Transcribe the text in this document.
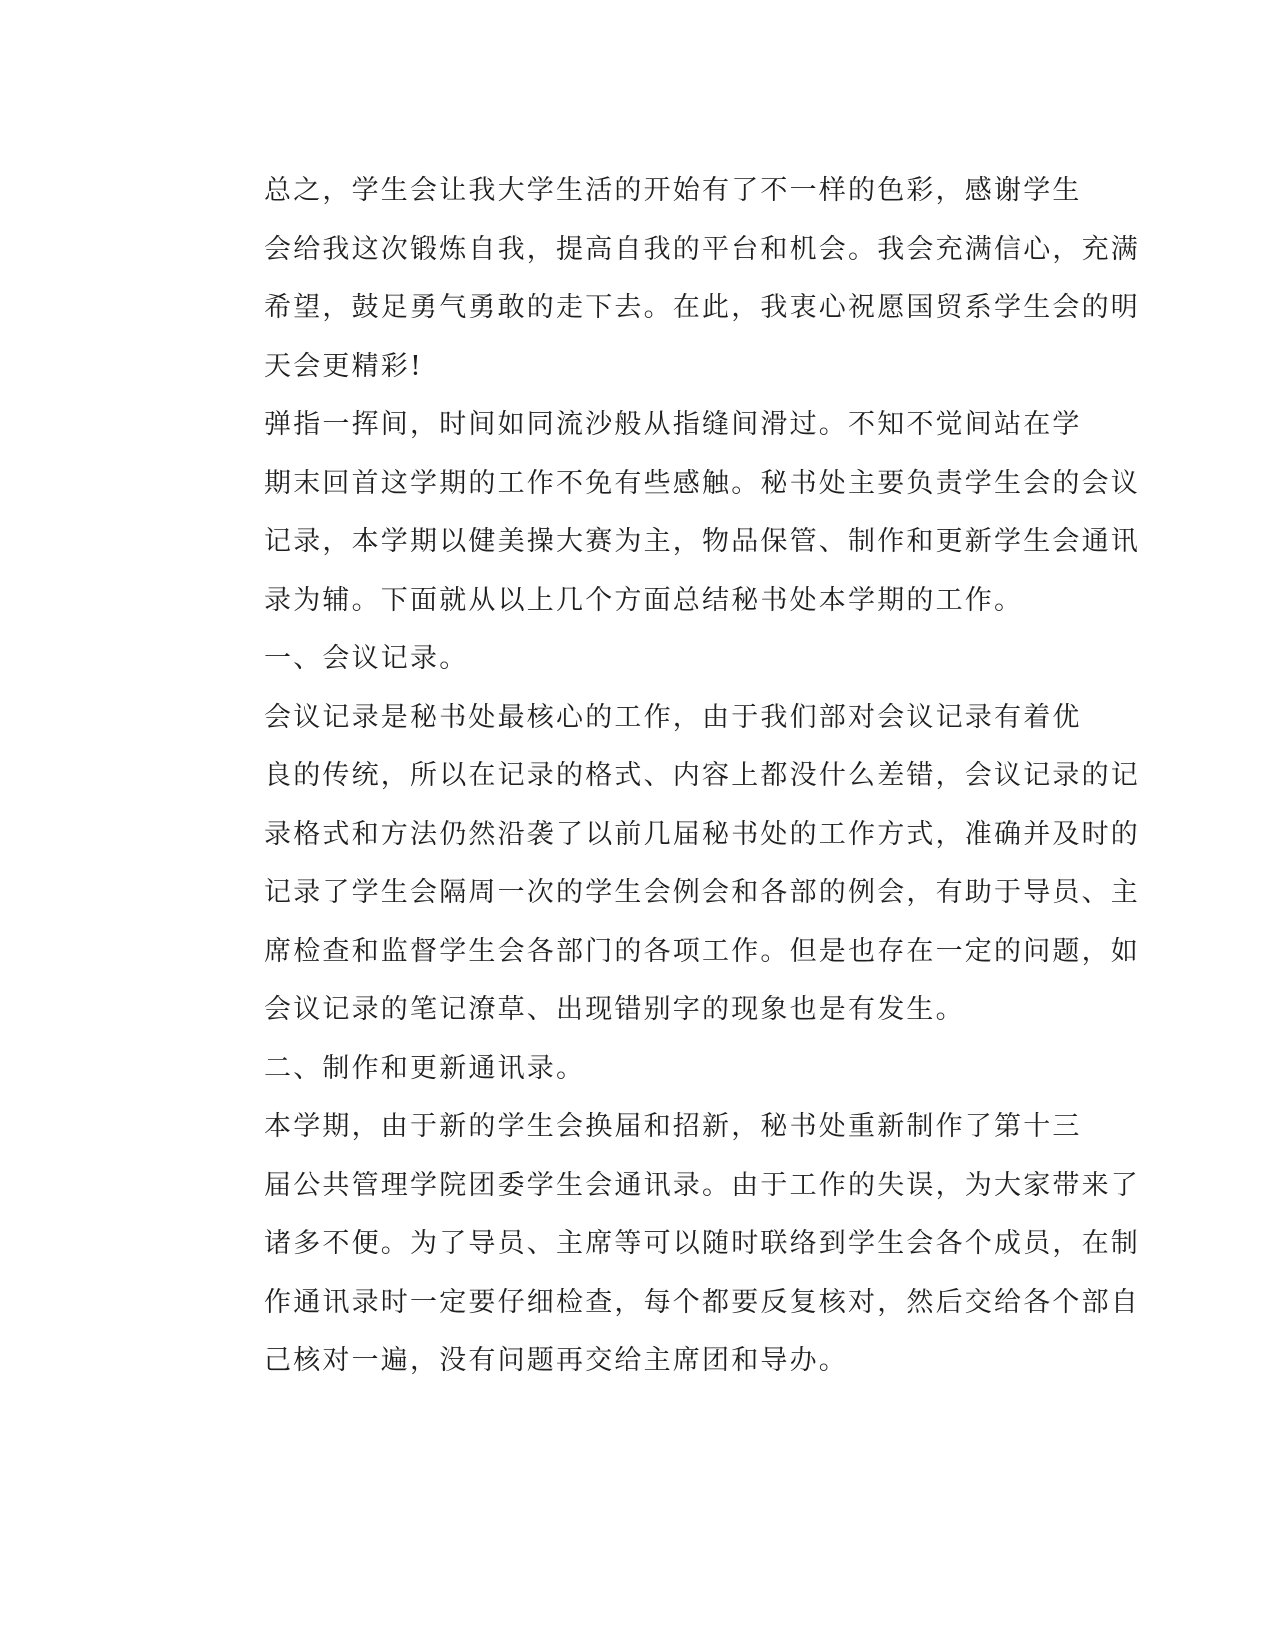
总之，学生会让我大学生活的开始有了不一样的色彩，感谢学生
会给我这次锻炼自我，提高自我的平台和机会。我会充满信心，充满
希望，鼓足勇气勇敢的走下去。在此，我衷心祝愿国贸系学生会的明
天会更精彩!

弹指一挥间，时间如同流沙般从指缝间滑过。不知不觉间站在学
期末回首这学期的工作不免有些感触。秘书处主要负责学生会的会议
记录，本学期以健美操大赛为主，物品保管、制作和更新学生会通讯
录为辅。下面就从以上几个方面总结秘书处本学期的工作。

一、会议记录。

会议记录是秘书处最核心的工作，由于我们部对会议记录有着优
良的传统，所以在记录的格式、内容上都没什么差错，会议记录的记
录格式和方法仍然沿袭了以前几届秘书处的工作方式，准确并及时的
记录了学生会隔周一次的学生会例会和各部的例会，有助于导员、主
席检查和监督学生会各部门的各项工作。但是也存在一定的问题，如
会议记录的笔记潦草、出现错别字的现象也是有发生。

二、制作和更新通讯录。

本学期，由于新的学生会换届和招新，秘书处重新制作了第十三
届公共管理学院团委学生会通讯录。由于工作的失误，为大家带来了
诸多不便。为了导员、主席等可以随时联络到学生会各个成员，在制
作通讯录时一定要仔细检查，每个都要反复核对，然后交给各个部自
己核对一遍，没有问题再交给主席团和导办。
